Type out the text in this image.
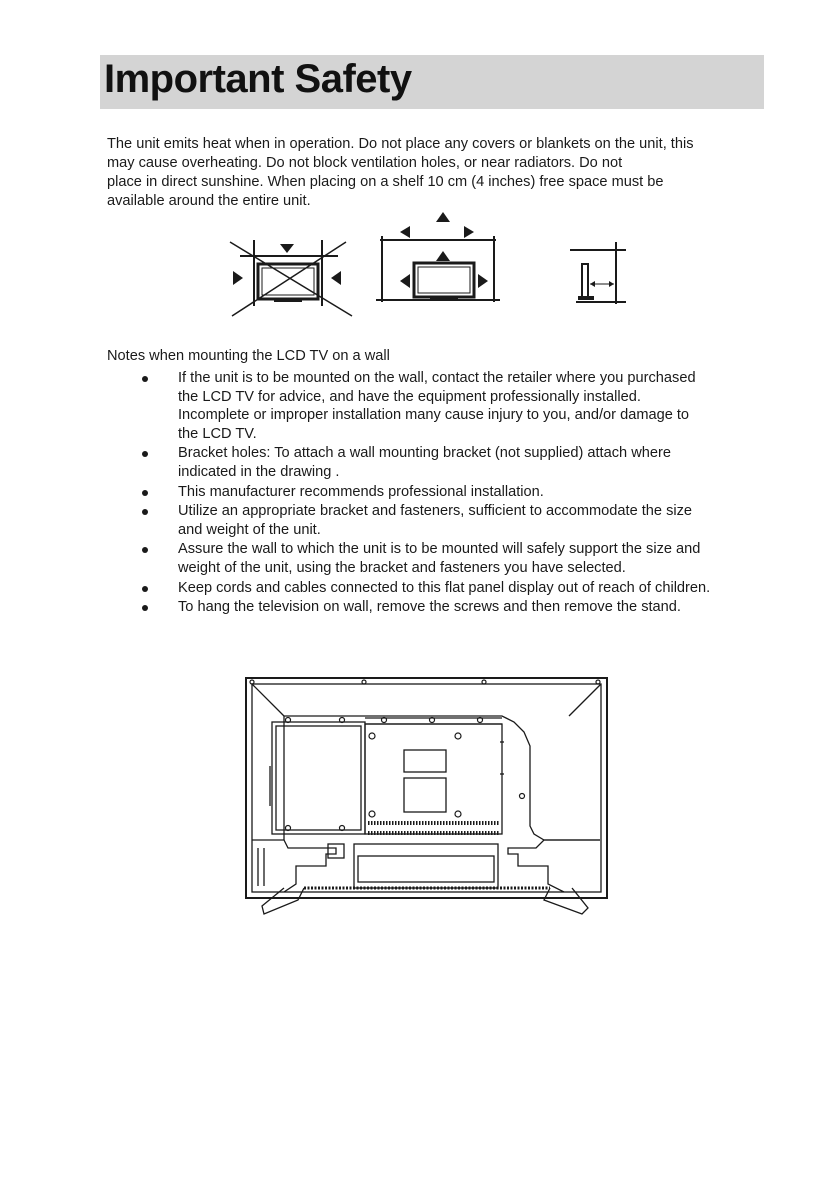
Important Safety
The unit emits heat when in operation. Do not place any covers or blankets on the unit, this
may cause overheating. Do not block ventilation holes, or near radiators. Do not
place in direct sunshine. When placing on a shelf 10 cm (4 inches) free space must be
available around the entire unit.
Notes when mounting the LCD TV on a wall
If the unit is to be mounted on the wall, contact the retailer where you purchased
the LCD TV for advice, and have the equipment professionally installed.
Incomplete or improper installation many cause injury to you, and/or damage to
the LCD TV.
Bracket holes: To attach a wall mounting bracket (not supplied) attach where
indicated in the drawing .
This manufacturer recommends professional installation.
Utilize an appropriate bracket and fasteners, sufficient to accommodate the size
and weight of the unit.
Assure the wall to which the unit is to be mounted will safely support the size and
weight of the unit, using the bracket and fasteners you have selected.
Keep cords and cables connected to this flat panel display out of reach of children.
To hang the television on wall, remove the screws and then remove the stand.
